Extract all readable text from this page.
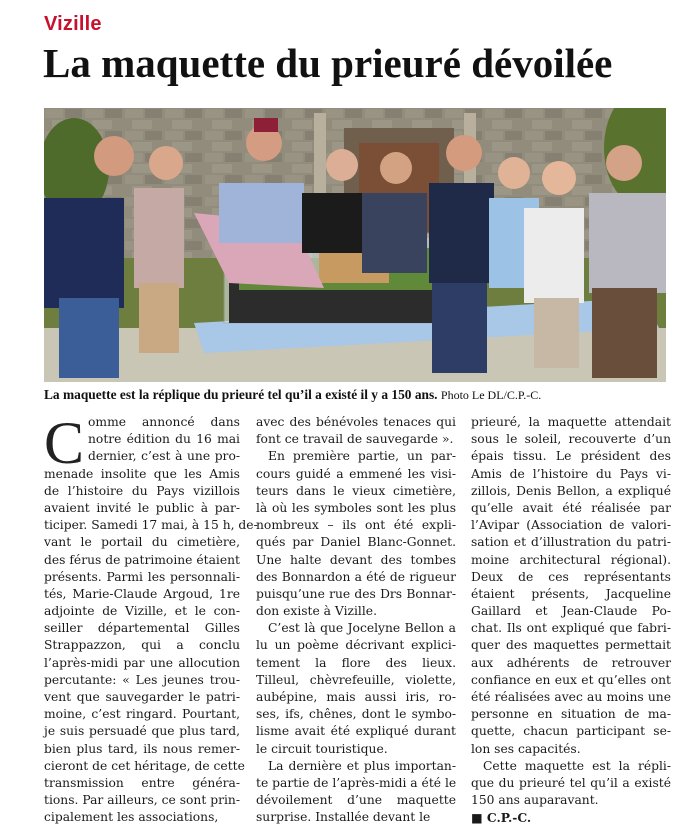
Vizille
La maquette du prieuré dévoilée
La maquette est la réplique du prieuré tel qu’il a existé il y a 150 ans. Photo Le DL/C.P.-C.
C omme annoncé dans
notre édition du 16 mai
dernier, c’est à une pro-
menade insolite que les Amis
de l’histoire du Pays vizillois
avaient invité le public à par-
ticiper. Samedi 17 mai, à 15 h, de-
vant le portail du cimetière,
des férus de patrimoine étaient
présents. Parmi les personnali-
tés, Marie-Claude Argoud, 1re
adjointe de Vizille, et le con-
seiller départemental Gilles
Strappazzon, qui a conclu
l’après-midi par une allocution
percutante: « Les jeunes trou-
vent que sauvegarder le patri-
moine, c’est ringard. Pourtant,
je suis persuadé que plus tard,
bien plus tard, ils nous remer-
cieront de cet héritage, de cette
transmission entre généra-
tions. Par ailleurs, ce sont prin-
cipalement les associations,

avec des bénévoles tenaces qui
font ce travail de sauvegarde ».

En première partie, un par-
cours guidé a emmené les visi-
teurs dans le vieux cimetière,
là où les symboles sont les plus
nombreux – ils ont été expli-
qués par Daniel Blanc-Gonnet.
Une halte devant des tombes
des Bonnardon a été de rigueur
puisqu’une rue des Drs Bonnar-
don existe à Vizille.

C’est là que Jocelyne Bellon a
lu un poème décrivant explici-
tement la flore des lieux.
Tilleul, chèvrefeuille, violette,
aubépine, mais aussi iris, ro-
ses, ifs, chênes, dont le symbo-
lisme avait été expliqué durant
le circuit touristique.

La dernière et plus importan-
te partie de l’après-midi a été le
dévoilement d’une maquette
surprise. Installée devant le

prieuré, la maquette attendait
sous le soleil, recouverte d’un
épais tissu. Le président des
Amis de l’histoire du Pays vi-
zillois, Denis Bellon, a expliqué
qu’elle avait été réalisée par
l’Avipar (Association de valori-
sation et d’illustration du patri-
moine architectural régional).
Deux de ces représentants
étaient présents, Jacqueline
Gaillard et Jean-Claude Po-
chat. Ils ont expliqué que fabri-
quer des maquettes permettait
aux adhérents de retrouver
confiance en eux et qu’elles ont
été réalisées avec au moins une
personne en situation de ma-
quette, chacun participant se-
lon ses capacités.

Cette maquette est la répli-
que du prieuré tel qu’il a existé
150 ans auparavant.

■ C.P.-C.
